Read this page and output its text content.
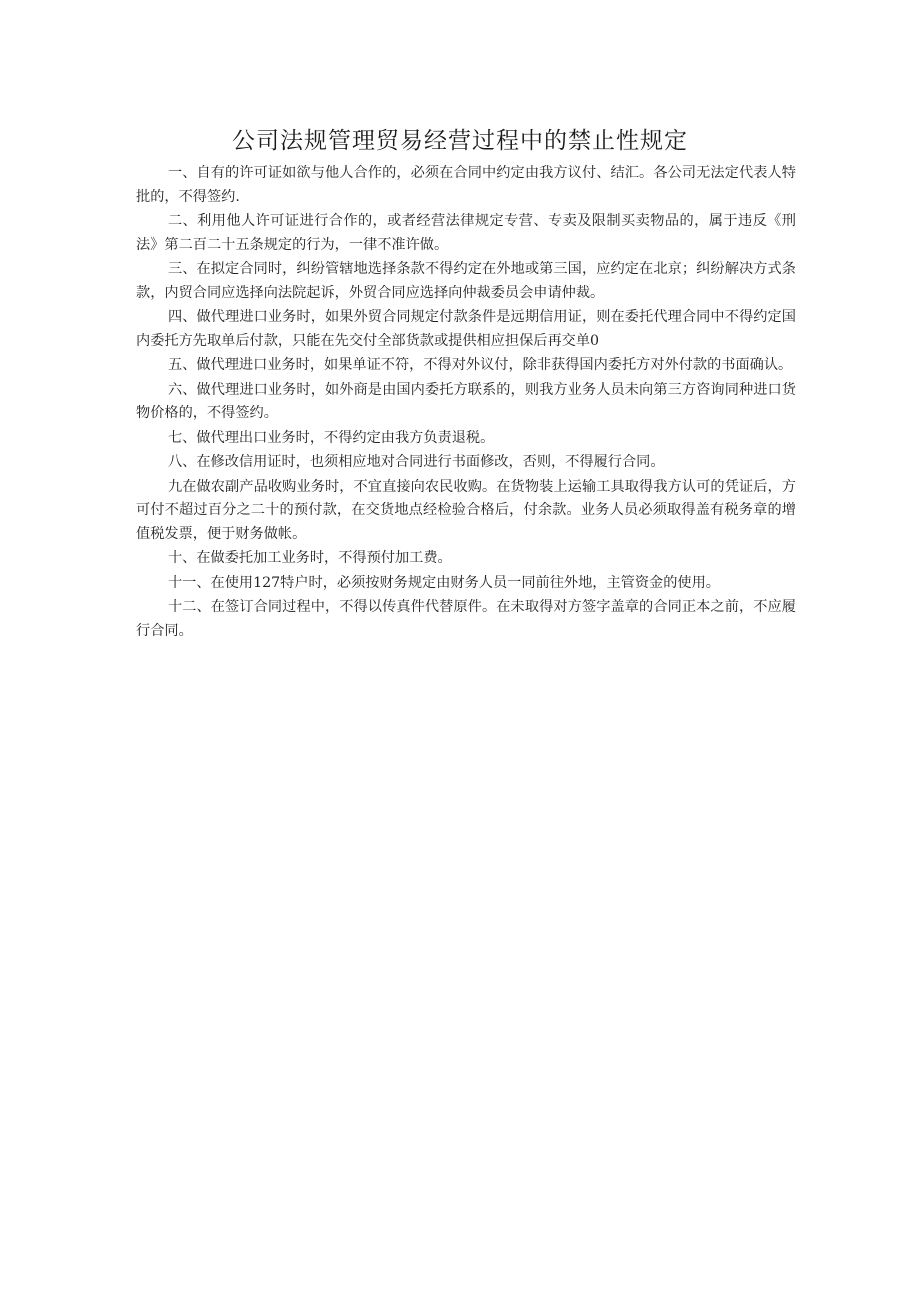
公司法规管理贸易经营过程中的禁止性规定

一、自有的许可证如欲与他人合作的，必须在合同中约定由我方议付、结汇。各公司无法定代表人特批的，不得签约.

二、利用他人许可证进行合作的，或者经营法律规定专营、专卖及限制买卖物品的，属于违反《刑法》第二百二十五条规定的行为，一律不准许做。

三、在拟定合同时，纠纷管辖地选择条款不得约定在外地或第三国，应约定在北京；纠纷解决方式条款，内贸合同应选择向法院起诉，外贸合同应选择向仲裁委员会申请仲裁。

四、做代理进口业务时，如果外贸合同规定付款条件是远期信用证，则在委托代理合同中不得约定国内委托方先取单后付款，只能在先交付全部货款或提供相应担保后再交单0

五、做代理进口业务时，如果单证不符，不得对外议付，除非获得国内委托方对外付款的书面确认。

六、做代理进口业务时，如外商是由国内委托方联系的，则我方业务人员未向第三方咨询同种进口货物价格的，不得签约。

七、做代理出口业务时，不得约定由我方负责退税。

八、在修改信用证时，也须相应地对合同进行书面修改，否则，不得履行合同。

九在做农副产品收购业务时，不宜直接向农民收购。在货物装上运输工具取得我方认可的凭证后，方可付不超过百分之二十的预付款，在交货地点经检验合格后，付余款。业务人员必须取得盖有税务章的增值税发票，便于财务做帐。

十、在做委托加工业务时，不得预付加工费。

十一、在使用127特户时，必须按财务规定由财务人员一同前往外地，主管资金的使用。

十二、在签订合同过程中，不得以传真件代替原件。在未取得对方签字盖章的合同正本之前，不应履行合同。
